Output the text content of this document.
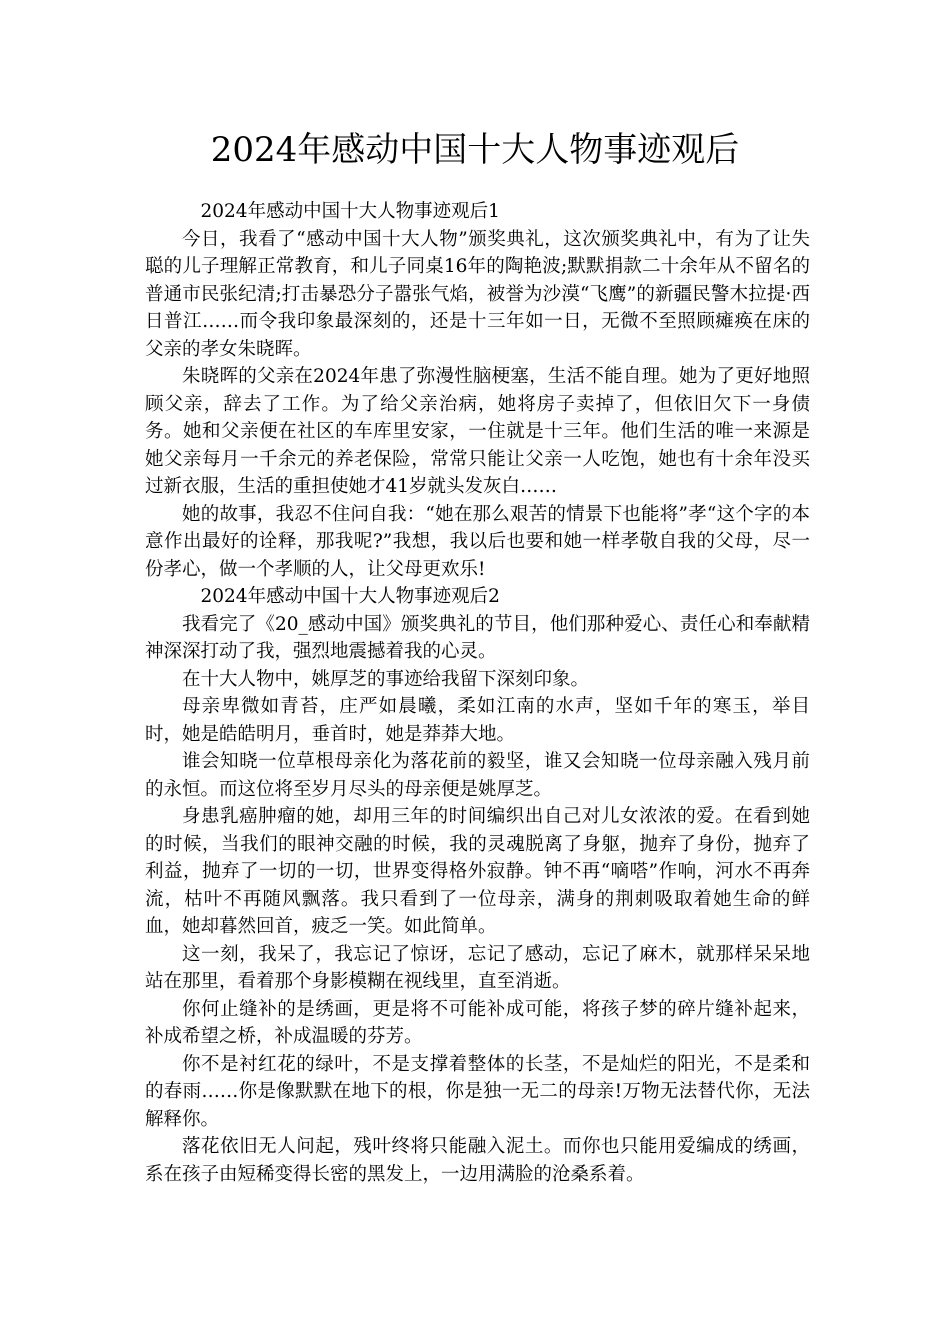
2024年感动中国十大人物事迹观后

2024年感动中国十大人物事迹观后1

今日，我看了“感动中国十大人物”颁奖典礼，这次颁奖典礼中，有为了让失聪的儿子理解正常教育，和儿子同桌16年的陶艳波;默默捐款二十余年从不留名的普通市民张纪清;打击暴恐分子嚣张气焰，被誉为沙漠“飞鹰”的新疆民警木拉提·西日普江……而令我印象最深刻的，还是十三年如一日，无微不至照顾瘫痪在床的父亲的孝女朱晓晖。

朱晓晖的父亲在2024年患了弥漫性脑梗塞，生活不能自理。她为了更好地照顾父亲，辞去了工作。为了给父亲治病，她将房子卖掉了，但依旧欠下一身债务。她和父亲便在社区的车库里安家，一住就是十三年。他们生活的唯一来源是她父亲每月一千余元的养老保险，常常只能让父亲一人吃饱，她也有十余年没买过新衣服，生活的重担使她才41岁就头发灰白……

她的故事，我忍不住问自我：“她在那么艰苦的情景下也能将”孝“这个字的本意作出最好的诠释，那我呢?”我想，我以后也要和她一样孝敬自我的父母，尽一份孝心，做一个孝顺的人，让父母更欢乐!

2024年感动中国十大人物事迹观后2

我看完了《20_感动中国》颁奖典礼的节目，他们那种爱心、责任心和奉献精神深深打动了我，强烈地震撼着我的心灵。

在十大人物中，姚厚芝的事迹给我留下深刻印象。

母亲卑微如青苔，庄严如晨曦，柔如江南的水声，坚如千年的寒玉，举目时，她是皓皓明月，垂首时，她是莽莽大地。

谁会知晓一位草根母亲化为落花前的毅坚，谁又会知晓一位母亲融入残月前的永恒。而这位将至岁月尽头的母亲便是姚厚芝。

身患乳癌肿瘤的她，却用三年的时间编织出自己对儿女浓浓的爱。在看到她的时候，当我们的眼神交融的时候，我的灵魂脱离了身躯，抛弃了身份，抛弃了利益，抛弃了一切的一切，世界变得格外寂静。钟不再“嘀嗒”作响，河水不再奔流，枯叶不再随风飘落。我只看到了一位母亲，满身的荆刺吸取着她生命的鲜血，她却暮然回首，疲乏一笑。如此简单。

这一刻，我呆了，我忘记了惊讶，忘记了感动，忘记了麻木，就那样呆呆地站在那里，看着那个身影模糊在视线里，直至消逝。

你何止缝补的是绣画，更是将不可能补成可能，将孩子梦的碎片缝补起来，补成希望之桥，补成温暖的芬芳。

你不是衬红花的绿叶，不是支撑着整体的长茎，不是灿烂的阳光，不是柔和的春雨……你是像默默在地下的根，你是独一无二的母亲!万物无法替代你，无法解释你。

落花依旧无人问起，残叶终将只能融入泥土。而你也只能用爱编成的绣画，系在孩子由短稀变得长密的黑发上，一边用满脸的沧桑系着。
